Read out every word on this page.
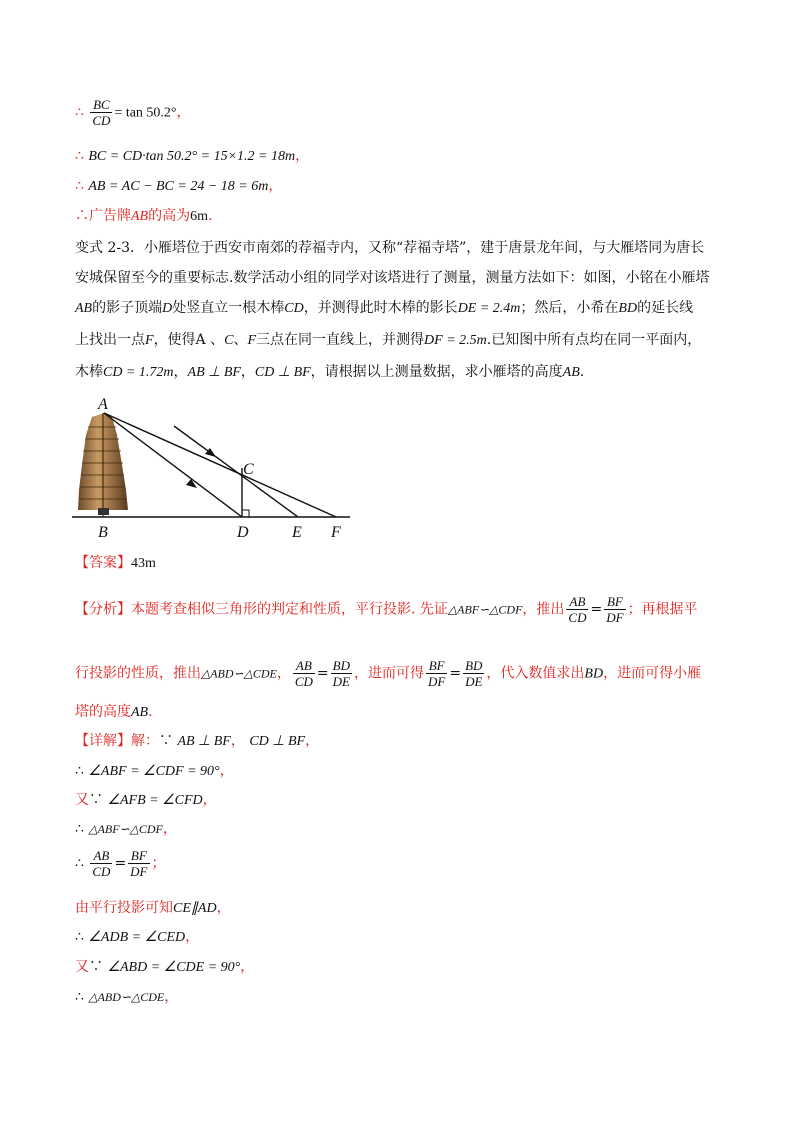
∴ $\frac{BC}{CD} = \tan 50.2^\circ$，
∴ BC = CD·tan 50.2° = 15×1.2 = 18m，
∴ AB = AC − BC = 24 − 18 = 6m，
∴广告牌AB的高为6m.
变式 2-3．小雁塔位于西安市南郊的荐福寺内，又称“荐福寺塔”，建于唐景龙年间，与大雁塔同为唐长
安城保留至今的重要标志.数学活动小组的同学对该塔进行了测量，测量方法如下：如图，小铭在小雁塔
AB的影子顶端D处竖直立一根木棒CD，并测得此时木棒的影长DE = 2.4m；然后，小希在BD的延长线
上找出一点F，使得A 、C、F三点在同一直线上，并测得DF = 2.5m.已知图中所有点均在同一平面内，
木棒CD = 1.72m，AB ⊥ BF，CD ⊥ BF，请根据以上测量数据，求小雁塔的高度AB.
A
B
C
D	E F
【答案】43m
【分析】本题考查相似三角形的判定和性质，平行投影. 先证△ABF∽△CDF，推出 $\frac{AB}{CD} = \frac{BF}{DF}$ ；再根据平
行投影的性质，推出△ABD∽△CDE， $\frac{AB}{CD} = \frac{BD}{DE}$ ，进而可得 $\frac{BF}{DF} = \frac{BD}{DE}$ ，代入数值求出BD，进而可得小雁
塔的高度AB.
【详解】解：∵ AB ⊥ BF， CD ⊥ BF，
∴ ∠ABF = ∠CDF = 90°，
又∵ ∠AFB = ∠CFD，
∴ △ABF∽△CDF，
∴ $\frac{AB}{CD} = \frac{BF}{DF}$ ；
由平行投影可知CE∥AD，
∴ ∠ADB = ∠CED，
又∵ ∠ABD = ∠CDE = 90°，
∴ △ABD∽△CDE，
